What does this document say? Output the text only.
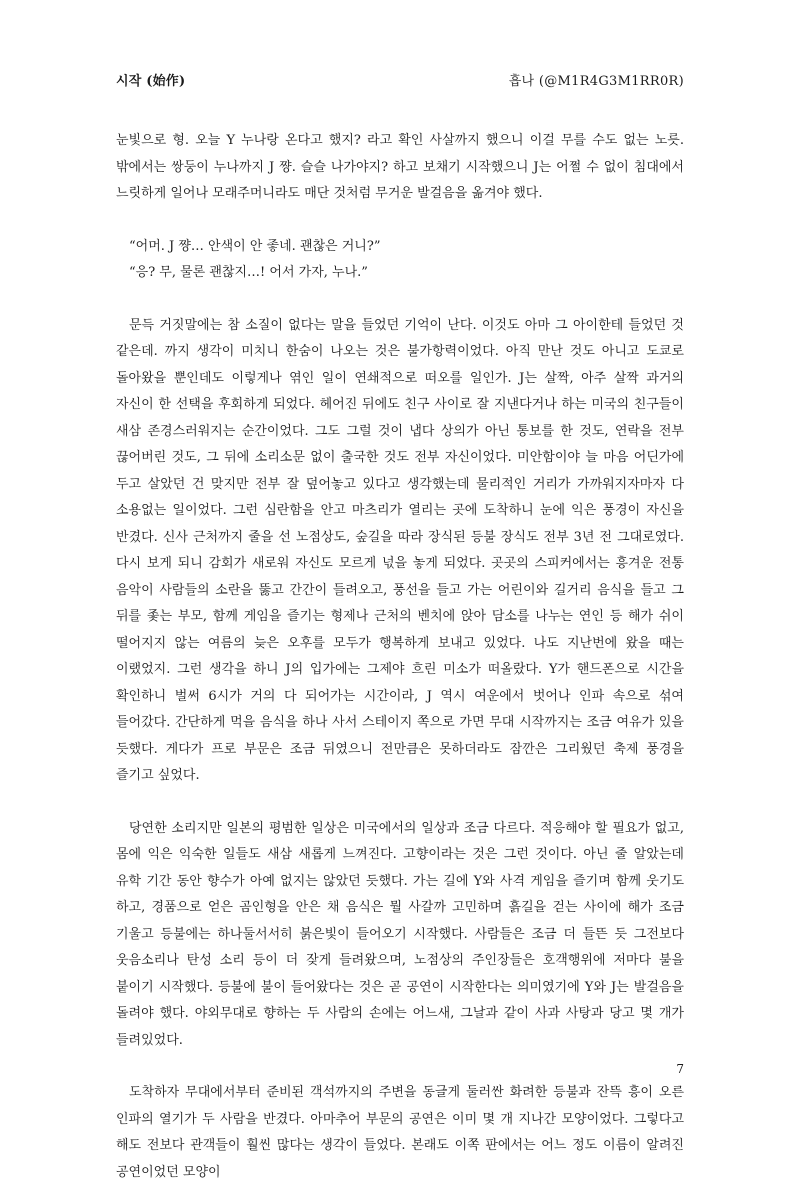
시작 (始作)	흡나 (@M1R4G3M1RR0R)

눈빛으로 형. 오늘 Y 누나랑 온다고 했지? 라고 확인 사살까지 했으니 이걸 무를 수도 없는 노릇. 밖에서는 쌍둥이 누나까지 J 쨩. 슬슬 나가야지? 하고 보채기 시작했으니 J는 어쩔 수 없이 침대에서 느릿하게 일어나 모래주머니라도 매단 것처럼 무거운 발걸음을 옮겨야 했다.

“어머. J 쨩… 안색이 안 좋네. 괜찮은 거니?”

“응? 무, 물론 괜찮지…! 어서 가자, 누나.”

문득 거짓말에는 참 소질이 없다는 말을 들었던 기억이 난다. 이것도 아마 그 아이한테 들었던 것 같은데. 까지 생각이 미치니 한숨이 나오는 것은 불가항력이었다. 아직 만난 것도 아니고 도쿄로 돌아왔을 뿐인데도 이렇게나 엮인 일이 연쇄적으로 떠오를 일인가. J는 살짝, 아주 살짝 과거의 자신이 한 선택을 후회하게 되었다. 헤어진 뒤에도 친구 사이로 잘 지낸다거나 하는 미국의 친구들이 새삼 존경스러워지는 순간이었다. 그도 그럴 것이 냅다 상의가 아닌 통보를 한 것도, 연락을 전부 끊어버린 것도, 그 뒤에 소리소문 없이 출국한 것도 전부 자신이었다. 미안함이야 늘 마음 어딘가에 두고 살았던 건 맞지만 전부 잘 덮어놓고 있다고 생각했는데 물리적인 거리가 가까워지자마자 다 소용없는 일이었다. 그런 심란함을 안고 마츠리가 열리는 곳에 도착하니 눈에 익은 풍경이 자신을 반겼다. 신사 근처까지 줄을 선 노점상도, 숲길을 따라 장식된 등불 장식도 전부 3년 전 그대로였다. 다시 보게 되니 감회가 새로워 자신도 모르게 넋을 놓게 되었다. 곳곳의 스피커에서는 흥겨운 전통 음악이 사람들의 소란을 뚫고 간간이 들려오고, 풍선을 들고 가는 어린이와 길거리 음식을 들고 그 뒤를 좇는 부모, 함께 게임을 즐기는 형제나 근처의 벤치에 앉아 담소를 나누는 연인 등 해가 쉬이 떨어지지 않는 여름의 늦은 오후를 모두가 행복하게 보내고 있었다. 나도 지난번에 왔을 때는 이랬었지. 그런 생각을 하니 J의 입가에는 그제야 흐린 미소가 떠올랐다. Y가 핸드폰으로 시간을 확인하니 벌써 6시가 거의 다 되어가는 시간이라, J 역시 여운에서 벗어나 인파 속으로 섞여 들어갔다. 간단하게 먹을 음식을 하나 사서 스테이지 쪽으로 가면 무대 시작까지는 조금 여유가 있을 듯했다. 게다가 프로 부문은 조금 뒤였으니 전만큼은 못하더라도 잠깐은 그리웠던 축제 풍경을 즐기고 싶었다.

당연한 소리지만 일본의 평범한 일상은 미국에서의 일상과 조금 다르다. 적응해야 할 필요가 없고, 몸에 익은 익숙한 일들도 새삼 새롭게 느껴진다. 고향이라는 것은 그런 것이다. 아닌 줄 알았는데 유학 기간 동안 향수가 아예 없지는 않았던 듯했다. 가는 길에 Y와 사격 게임을 즐기며 함께 웃기도 하고, 경품으로 얻은 곰인형을 안은 채 음식은 뭘 사갈까 고민하며 흙길을 걷는 사이에 해가 조금 기울고 등불에는 하나둘서서히 붉은빛이 들어오기 시작했다. 사람들은 조금 더 들뜬 듯 그전보다 웃음소리나 탄성 소리 등이 더 잦게 들려왔으며, 노점상의 주인장들은 호객행위에 저마다 불을 붙이기 시작했다. 등불에 불이 들어왔다는 것은 곧 공연이 시작한다는 의미였기에 Y와 J는 발걸음을 돌려야 했다. 야외무대로 향하는 두 사람의 손에는 어느새, 그날과 같이 사과 사탕과 당고 몇 개가 들려있었다.

도착하자 무대에서부터 준비된 객석까지의 주변을 동글게 둘러싼 화려한 등불과 잔뜩 흥이 오른 인파의 열기가 두 사람을 반겼다. 아마추어 부문의 공연은 이미 몇 개 지나간 모양이었다. 그렇다고 해도 전보다 관객들이 훨씬 많다는 생각이 들었다. 본래도 이쪽 판에서는 어느 정도 이름이 알려진 공연이었던 모양이

7
